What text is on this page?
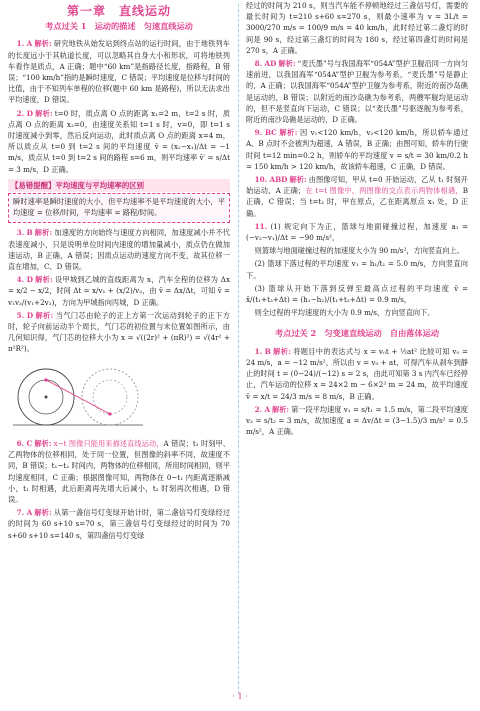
第一章　直线运动
考点过关 1　运动的描述　匀速直线运动

1. A 解析: 研究地铁从始发站到终点站的运行时间，由于地铁列车的长度远小于其轨道长度，可以忽略其自身大小和形状，可将地铁列车看作是质点，A 正确；题中“60 km”是指路径长度，指路程，B 错误；“100 km/h”指的是瞬时速度，C 错误；平均速度是位移与时间的比值，由于不知列车单程的位移(题中 60 km 是路程)，所以无法求出平均速度，D 错误。

2. D 解析: t=0 时，质点离 O 点的距离 x₁=2 m，t=2 s 时，质点离 O 点的距离 x₂=0，由速度关系知 t=1 s 时，v=0，即 t=1 s 时速度减小到零，然后反向运动，此时质点离 O 点的距离 x=4 m，所以质点从 t=0 到 t=2 s 间的平均速度 v̄ = (x₂−x₁)/Δt = −1 m/s，质点从 t=0 到 t=2 s 间的路程 s=6 m，则平均速率 v̄′ = s/Δt = 3 m/s，D 正确。

【易错提醒】平均速度与平均速率的区别

瞬时速率是瞬时速度的大小，但平均速率不是平均速度的大小，平均速度 = 位移/时间，平均速率 = 路程/时间。

3. B 解析: 加速度的方向始终与速度方向相同，加速度减小并不代表速度减小，只是说明单位时间内速度的增加量减小，质点仍在做加速运动，B 正确，A 错误；因质点运动的速度方向不变，故其位移一直在增加，C、D 错误。

4. D 解析: 设甲城到乙城的直线距离为 x，汽车全程的位移为 Δx = x/2 − x/2，时间 Δt = x/v₁ + (x/2)/v₂，由 v̄ = Δx/Δt，可知 v̄ = v₁v₂/(v₁+2v₂)，方向为甲城指向丙城，D 正确。

5. D 解析: 当气门芯由轮子的正上方第一次运动到轮子的正下方时，轮子向前运动半个周长，气门芯的初位置与末位置如图所示，由几何知识得，气门芯的位移大小为 x = √((2r)² + (πR)²) = √(4r² + π²R²)。

6. C 解析: x−t 图像只能用来描述直线运动，A 错误；t₁ 时刻甲、乙两物体的位移相同，处于同一位置，但图像的斜率不同，故速度不同，B 错误；t₁∼t₂ 时间内，两物体的位移相同，所用时间相同，则平均速度相同，C 正确；根据图像可知，两物体在 0∼t₁ 内距离逐渐减小，t₁ 时相遇，此后距离再先增大后减小，t₂ 时刻再次相遇，D 错误。

7. A 解析: 从第一盏信号灯变绿开始计时，第二盏信号灯变绿经过的时间为 60 s+10 s=70 s，第三盏信号灯变绿经过的时间为 70 s+60 s+10 s=140 s，第四盏信号灯变绿

经过的时间为 210 s，则当汽车能不停顿地经过三盏信号灯，需要的最长时间为 t=210 s+60 s=270 s，则最小速率为 v = 3L/t = 3000/270 m/s = 100/9 m/s = 40 km/h，此时经过第二盏灯的时间是 90 s，经过第三盏灯的时间为 180 s，经过第四盏灯的时间是 270 s，A 正确。

8. AD 解析: “麦氏墨”号与我国海军“054A”型护卫舰沿同一方向匀速前进，以我国海军“054A”型护卫舰为参考系，“麦氏墨”号是静止的，A 正确；以我国海军“054A”型护卫舰为参考系，附近的南沙岛礁是运动的，B 错误；以附近的南沙岛礁为参考系，两艘军舰均是运动的，但不是竖直向下运动，C 错误；以“麦氏墨”号驱逐舰为参考系，附近的南沙岛礁是运动的，D 正确。

9. BC 解析: 因 v₁<120 km/h，v₂<120 km/h，所以轿车通过 A、B 点时不会被判为超速，A 错误，B 正确；由图可知，轿车的行驶时间 t=12 min=0.2 h，则轿车的平均速度 v = s/t = 30 km/0.2 h = 150 km/h > 120 km/h，故该轿车超速，C 正确，D 错误。

10. ABD 解析: 由图像可知，甲从 t=0 开始运动，乙从 t₁ 时刻开始运动，A 正确；在 t=t 图像中，两图像的交点表示两物体相遇，B 正确，C 错误；当 t=t₁ 时，甲在原点，乙在距离原点 x₁ 处，D 正确。

11. (1) 规定向下为正，篮球与地面碰撞过程，加速度 a₁ = (−v₂−v₁)/Δt = −90 m/s²，

则篮球与地面碰撞过程的加速度大小为 90 m/s²，方向竖直向上。

(2) 篮球下落过程的平均速度 v₁ = h₁/t₁ = 5.0 m/s，方向竖直向下。

(3) 篮球从开始下落到反弹至最高点过程的平均速度 v̄ = x̄/(t₁+t₂+Δt) = (h₁−h₂)/(t₁+t₂+Δt) = 0.9 m/s，

则全过程的平均速度的大小为 0.9 m/s，方向竖直向下。

考点过关 2　匀变速直线运动　自由落体运动

1. B 解析: 将题目中的表达式与 x = v₀t + ½at² 比较可知 v₀ = 24 m/s，a = −12 m/s²，所以由 v = v₀ + at，可得汽车从刹车到静止的时间 t = (0−24)/(−12) s = 2 s，由此可知第 3 s 内汽车已经停止，汽车运动的位移 x = 24×2 m − 6×2² m = 24 m，故平均速度 v̄ = x/t = 24/3 m/s = 8 m/s，B 正确。

2. A 解析: 第一段平均速度 v₁ = s/t₁ = 1.5 m/s，第二段平均速度 v₂ = s/t₂ = 3 m/s，故加速度 a = Δv/Δt = (3−1.5)/3 m/s² = 0.5 m/s²，A 正确。

· 1 ·
